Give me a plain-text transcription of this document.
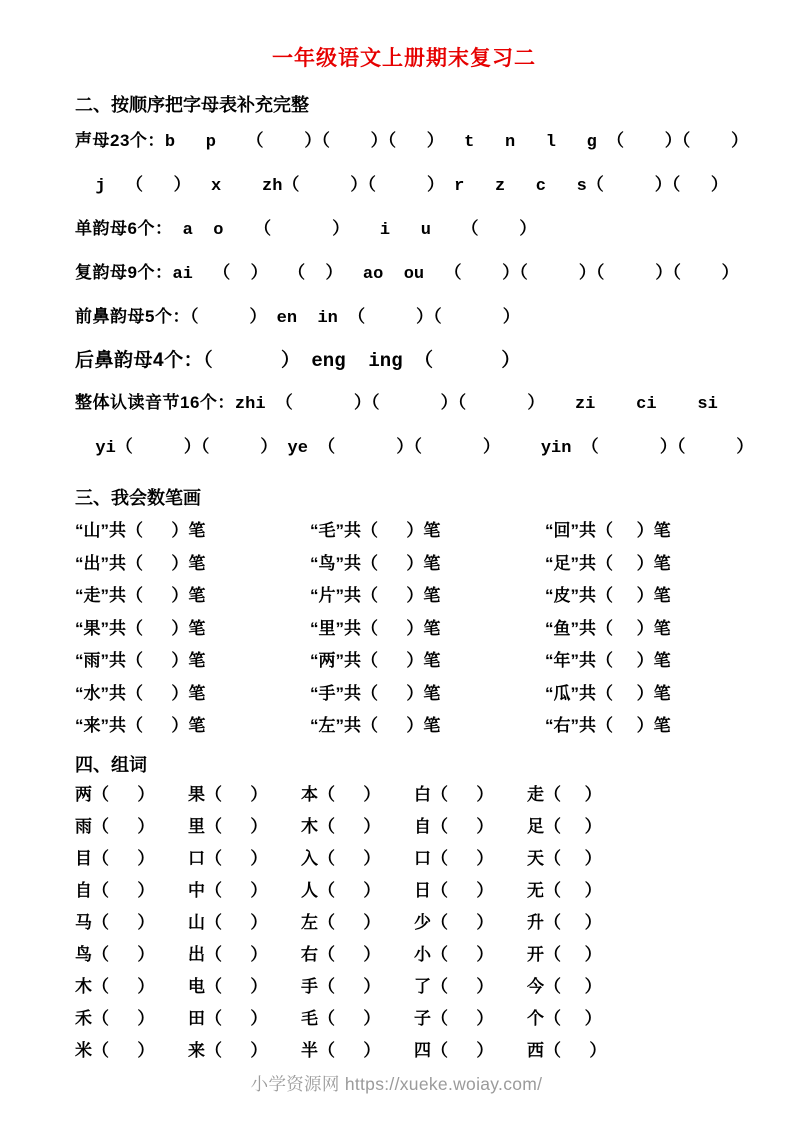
一年级语文上册期末复习二
二、按顺序把字母表补充完整
声母23个：b   p   （    ）（    ）（   ）  t   n   l   g （    ）（    ）
j  （   ）  x    zh（     ）（     ） r   z   c   s（     ）（   ）
单韵母6个： a  o   （      ）   i   u   （    ）
复韵母9个：ai  （  ）  （  ）  ao  ou  （    ）（     ）（     ）（    ）
前鼻韵母5个：（     ） en  in （     ）（      ）
后鼻韵母4个：（      ） eng  ing （      ）
整体认读音节16个：zhi （      ）（      ）（      ）   zi    ci    si
yi（     ）（     ） ye （      ）（      ）    yin （      ）（     ）
三、我会数笔画
“山”共（      ）笔	“毛”共（      ）笔	“回”共（     ）笔
“出”共（      ）笔	“鸟”共（      ）笔	“足”共（     ）笔
“走”共（      ）笔	“片”共（      ）笔	“皮”共（     ）笔
“果”共（      ）笔	“里”共（      ）笔	“鱼”共（     ）笔
“雨”共（      ）笔	“两”共（      ）笔	“年”共（     ）笔
“水”共（      ）笔	“手”共（      ）笔	“瓜”共（     ）笔
“来”共（      ）笔	“左”共（      ）笔	“右”共（     ）笔
四、组词
两（      ）	果（      ）	本（      ）	白（      ）	走（     ）
雨（      ）	里（      ）	木（      ）	自（      ）	足（     ）
目（      ）	口（      ）	入（      ）	口（      ）	天（     ）
自（      ）	中（      ）	人（      ）	日（      ）	无（     ）
马（      ）	山（      ）	左（      ）	少（      ）	升（     ）
鸟（      ）	出（      ）	右（      ）	小（      ）	开（     ）
木（      ）	电（      ）	手（      ）	了（      ）	今（     ）
禾（      ）	田（      ）	毛（      ）	子（      ）	个（     ）
米（      ）	来（      ）	半（      ）	四（      ）	西（      ）
小学资源网 https://xueke.woiay.com/
